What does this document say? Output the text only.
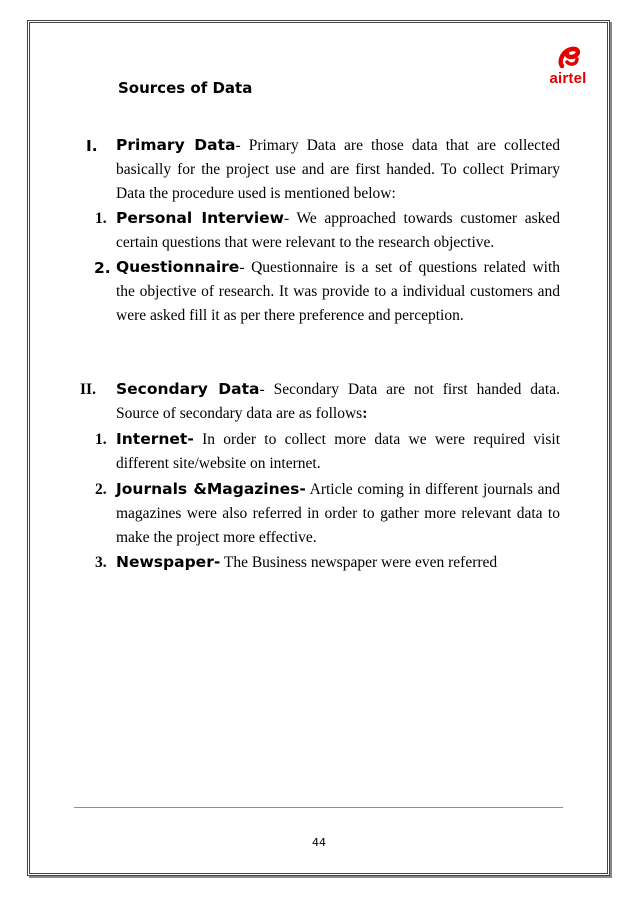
airtel
Sources of Data
I. Primary Data- Primary Data are those data that are collected basically for the project use and are first handed. To collect Primary Data the procedure used is mentioned below:
1. Personal Interview- We approached towards customer asked certain questions that were relevant to the research objective.
2. Questionnaire- Questionnaire is a set of questions related with the objective of research. It was provide to a individual customers and were asked fill it as per there preference and perception.
II. Secondary Data- Secondary Data are not first handed data. Source of secondary data are as follows:
1. Internet- In order to collect more data we were required visit different site/website on internet.
2. Journals &Magazines- Article coming in different journals and magazines were also referred in order to gather more relevant data to make the project more effective.
3. Newspaper- The Business newspaper were even referred
44
